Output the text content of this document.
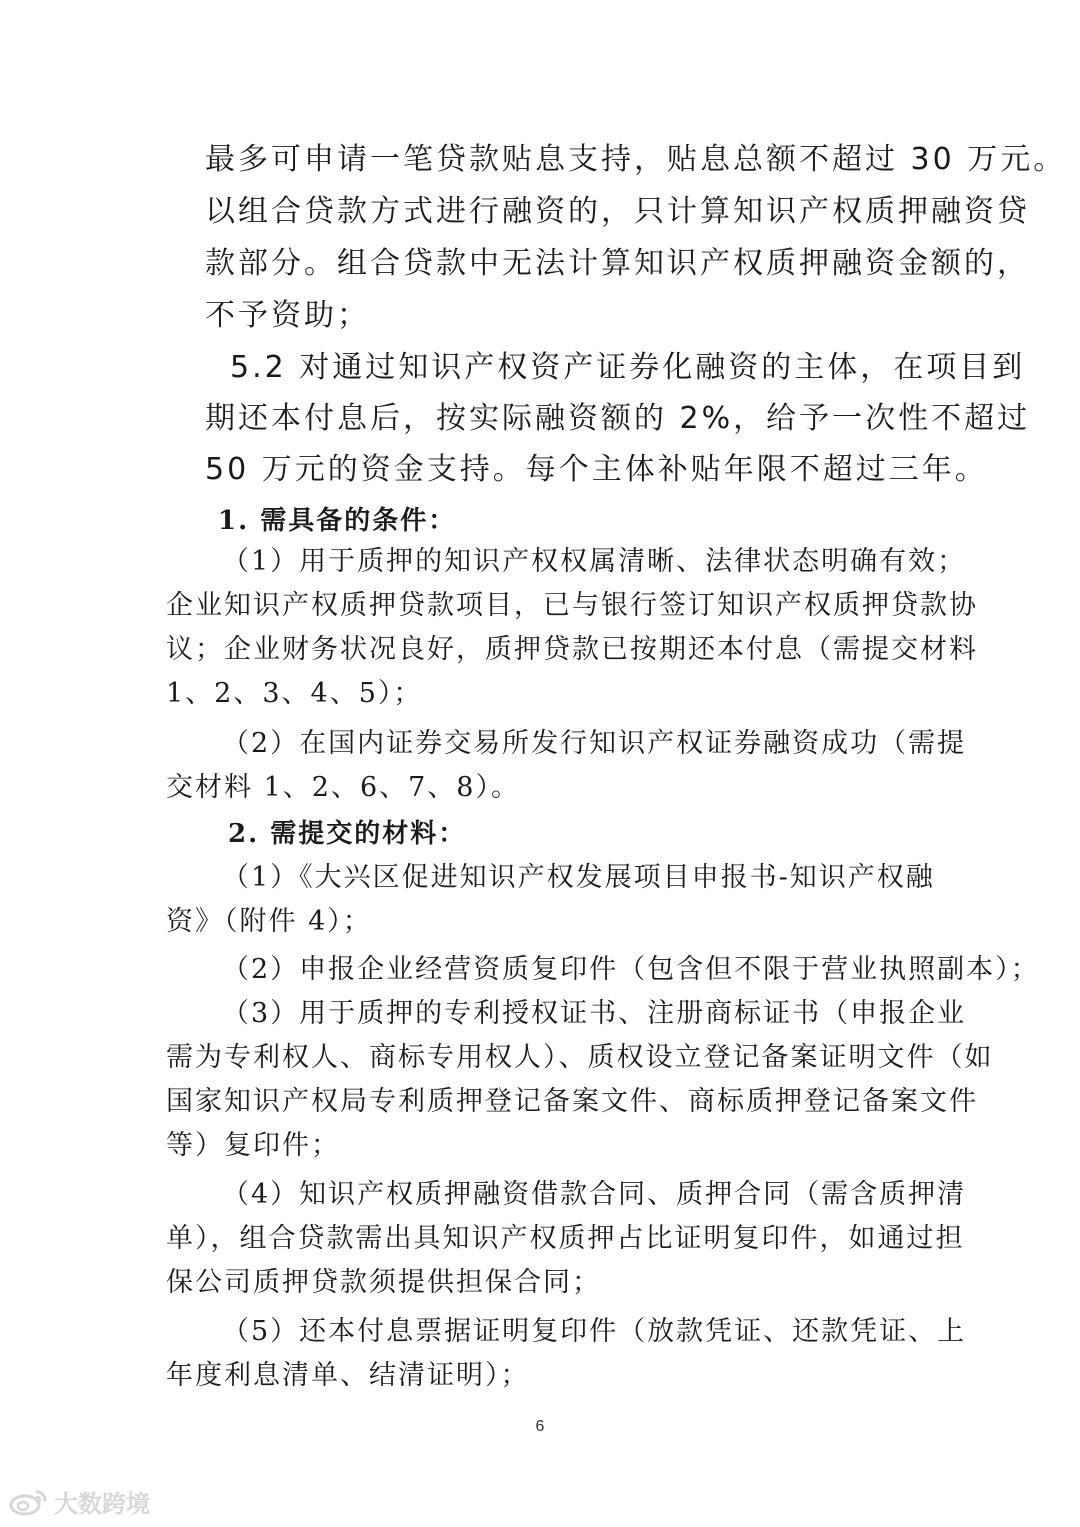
最多可申请一笔贷款贴息支持，贴息总额不超过 30 万元。
以组合贷款方式进行融资的，只计算知识产权质押融资贷
款部分。组合贷款中无法计算知识产权质押融资金额的，
不予资助；
5.2 对通过知识产权资产证券化融资的主体，在项目到
期还本付息后，按实际融资额的 2%，给予一次性不超过
50 万元的资金支持。每个主体补贴年限不超过三年。
1. 需具备的条件：
（1）用于质押的知识产权权属清晰、法律状态明确有效；
企业知识产权质押贷款项目，已与银行签订知识产权质押贷款协
议；企业财务状况良好，质押贷款已按期还本付息（需提交材料
1、2、3、4、5）；
（2）在国内证券交易所发行知识产权证券融资成功（需提
交材料 1、2、6、7、8）。
2. 需提交的材料：
（1）《大兴区促进知识产权发展项目申报书-知识产权融
资》（附件 4）；
（2）申报企业经营资质复印件（包含但不限于营业执照副本）；
（3）用于质押的专利授权证书、注册商标证书（申报企业
需为专利权人、商标专用权人）、质权设立登记备案证明文件（如
国家知识产权局专利质押登记备案文件、商标质押登记备案文件
等）复印件；
（4）知识产权质押融资借款合同、质押合同（需含质押清
单），组合贷款需出具知识产权质押占比证明复印件，如通过担
保公司质押贷款须提供担保合同；
（5）还本付息票据证明复印件（放款凭证、还款凭证、上
年度利息清单、结清证明）；
6
大数跨境
